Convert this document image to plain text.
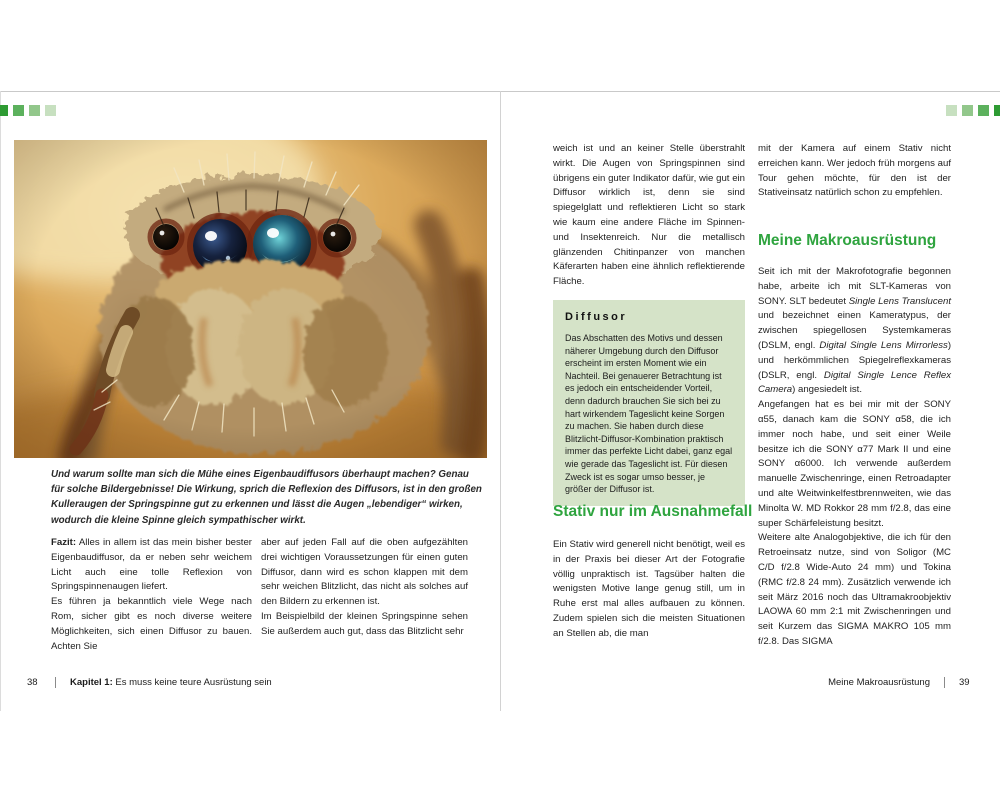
Und warum sollte man sich die Mühe eines Eigenbaudiffusors überhaupt machen? Genau für solche Bildergebnisse! Die Wirkung, sprich die Reflexion des Diffusors, ist in den großen Kulleraugen der Springspinne gut zu erkennen und lässt die Augen „lebendiger“ wirken, wodurch die kleine Spinne gleich sympathischer wirkt.

Fazit: Alles in allem ist das mein bisher bester Eigenbaudiffusor, da er neben sehr weichem Licht auch eine tolle Reflexion von Springspinnenaugen liefert.

Es führen ja bekanntlich viele Wege nach Rom, sicher gibt es noch diverse weitere Möglichkeiten, sich einen Diffusor zu bauen. Achten Sie

aber auf jeden Fall auf die oben aufgezählten drei wichtigen Voraussetzungen für einen guten Diffusor, dann wird es schon klappen mit dem sehr weichen Blitzlicht, das nicht als solches auf den Bildern zu erkennen ist.

Im Beispielbild der kleinen Springspinne sehen Sie außerdem auch gut, dass das Blitzlicht sehr

38	Kapitel 1: Es muss keine teure Ausrüstung sein

weich ist und an keiner Stelle überstrahlt wirkt. Die Augen von Springspinnen sind übrigens ein guter Indikator dafür, wie gut ein Diffusor wirklich ist, denn sie sind spiegelglatt und reflektieren Licht so stark wie kaum eine andere Fläche im Spinnen- und Insektenreich. Nur die metallisch glänzenden Chitinpanzer von manchen Käferarten haben eine ähnlich reflektierende Fläche.

Diffusor

Das Abschatten des Motivs und dessen näherer Umgebung durch den Diffusor erscheint im ersten Moment wie ein Nachteil. Bei genauerer Betrachtung ist es jedoch ein entscheidender Vorteil, denn dadurch brauchen Sie sich bei zu hart wirkendem Tageslicht keine Sorgen zu machen. Sie haben durch diese Blitzlicht-Diffusor-Kombination praktisch immer das perfekte Licht dabei, ganz egal wie gerade das Tageslicht ist. Für diesen Zweck ist es sogar umso besser, je größer der Diffusor ist.

Stativ nur im Ausnahmefall

Ein Stativ wird generell nicht benötigt, weil es in der Praxis bei dieser Art der Fotografie völlig unpraktisch ist. Tagsüber halten die wenigsten Motive lange genug still, um in Ruhe erst mal alles aufbauen zu können. Zudem spielen sich die meisten Situationen an Stellen ab, die man

mit der Kamera auf einem Stativ nicht erreichen kann. Wer jedoch früh morgens auf Tour gehen möchte, für den ist der Stativeinsatz natürlich schon zu empfehlen.

Meine Makroausrüstung

Seit ich mit der Makrofotografie begonnen habe, arbeite ich mit SLT-Kameras von SONY. SLT bedeutet Single Lens Translucent und bezeichnet einen Kameratypus, der zwischen spiegellosen Systemkameras (DSLM, engl. Digital Single Lens Mirrorless) und herkömmlichen Spiegelreflexkameras (DSLR, engl. Digital Single Lence Reflex Camera) angesiedelt ist.

Angefangen hat es bei mir mit der SONY α55, danach kam die SONY α58, die ich immer noch habe, und seit einer Weile besitze ich die SONY α77 Mark II und eine SONY α6000. Ich verwende außerdem manuelle Zwischenringe, einen Retroadapter und alte Weitwinkelfestbrennweiten, wie das Minolta W. MD Rokkor 28 mm f/2.8, das eine super Schärfeleistung besitzt.

Weitere alte Analogobjektive, die ich für den Retroeinsatz nutze, sind von Soligor (MC C/D f/2.8 Wide-Auto 24 mm) und Tokina (RMC f/2.8 24 mm). Zusätzlich verwende ich seit März 2016 noch das Ultramakroobjektiv LAOWA 60 mm 2:1 mit Zwischenringen und seit Kurzem das SIGMA MAKRO 105 mm f/2.8. Das SIGMA

Meine Makroausrüstung	39
